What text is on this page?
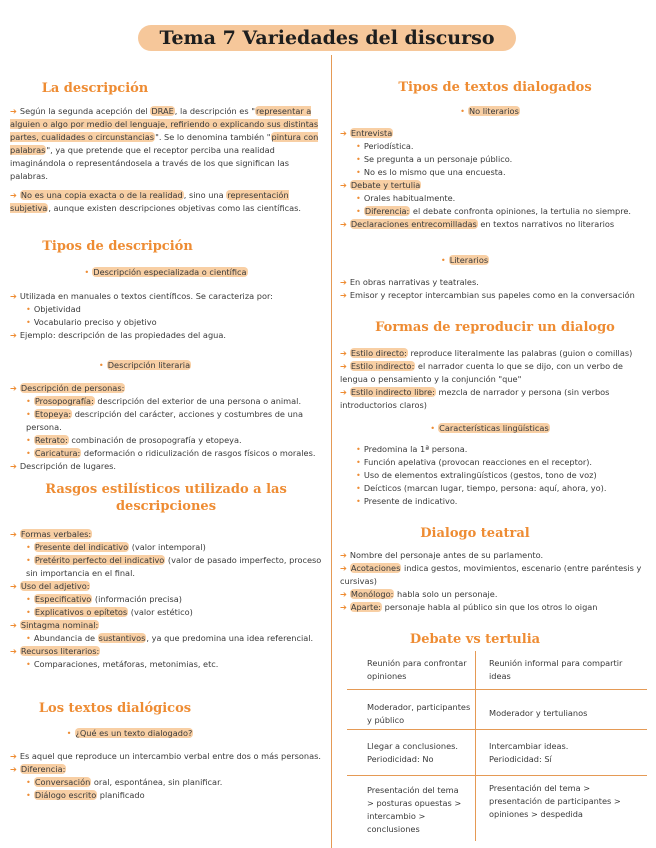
Tema 7 Variedades del discurso
La descripción
➔ Según la segunda acepción del DRAE, la descripción es "representar a alguien o algo por medio del lenguaje, refiriendo o explicando sus distintas partes, cualidades o circunstancias". Se lo denomina también "pintura con palabras", ya que pretende que el receptor perciba una realidad imaginándola o representándosela a través de los que significan las palabras.
➔ No es una copia exacta o de la realidad, sino una representación subjetiva, aunque existen descripciones objetivas como las científicas.
Tipos de descripción
• Descripción especializada o científica
➔ Utilizada en manuales o textos científicos. Se caracteriza por:
• Objetividad
• Vocabulario preciso y objetivo
➔ Ejemplo: descripción de las propiedades del agua.
• Descripción literaria
➔ Descripción de personas:
• Prosopografía: descripción del exterior de una persona o animal.
• Etopeya: descripción del carácter, acciones y costumbres de una persona.
• Retrato: combinación de prosopografía y etopeya.
• Caricatura: deformación o ridiculización de rasgos físicos o morales.
➔ Descripción de lugares.
Rasgos estilísticos utilizado a las
descripciones
➔ Formas verbales:
• Presente del indicativo (valor intemporal)
• Pretérito perfecto del indicativo (valor de pasado imperfecto, proceso sin importancia en el final.
➔ Uso del adjetivo:
• Especificativo (información precisa)
• Explicativos o epítetos (valor estético)
➔ Sintagma nominal:
• Abundancia de sustantivos, ya que predomina una idea referencial.
➔ Recursos literarios:
• Comparaciones, metáforas, metonimias, etc.
Los textos dialógicos
• ¿Qué es un texto dialogado?
➔ Es aquel que reproduce un intercambio verbal entre dos o más personas.
➔ Diferencia:
• Conversación oral, espontánea, sin planificar.
• Diálogo escrito planificado
Tipos de textos dialogados
• No literarios
➔ Entrevista
• Periodística.
• Se pregunta a un personaje público.
• No es lo mismo que una encuesta.
➔ Debate y tertulia
• Orales habitualmente.
• Diferencia: el debate confronta opiniones, la tertulia no siempre.
➔ Declaraciones entrecomilladas en textos narrativos no literarios
• Literarios
➔ En obras narrativas y teatrales.
➔ Emisor y receptor intercambian sus papeles como en la conversación
Formas de reproducir un dialogo
➔ Estilo directo: reproduce literalmente las palabras (guion o comillas)
➔ Estilo indirecto: el narrador cuenta lo que se dijo, con un verbo de lengua o pensamiento y la conjunción "que"
➔ Estilo indirecto libre: mezcla de narrador y persona (sin verbos introductorios claros)
• Características lingüísticas
• Predomina la 1ª persona.
• Función apelativa (provocan reacciones en el receptor).
• Uso de elementos extralingüísticos (gestos, tono de voz)
• Deícticos (marcan lugar, tiempo, persona: aquí, ahora, yo).
• Presente de indicativo.
Dialogo teatral
➔ Nombre del personaje antes de su parlamento.
➔ Acotaciones indica gestos, movimientos, escenario (entre paréntesis y cursivas)
➔ Monólogo: habla solo un personaje.
➔ Aparte: personaje habla al público sin que los otros lo oigan
Debate vs tertulia
Reunión para confrontar opiniones
Reunión informal para compartir ideas
Moderador, participantes y público
Moderador y tertulianos
Llegar a conclusiones. Periodicidad: No
Intercambiar ideas. Periodicidad: Sí
Presentación del tema > posturas opuestas > intercambio > conclusiones
Presentación del tema > presentación de participantes > opiniones > despedida
